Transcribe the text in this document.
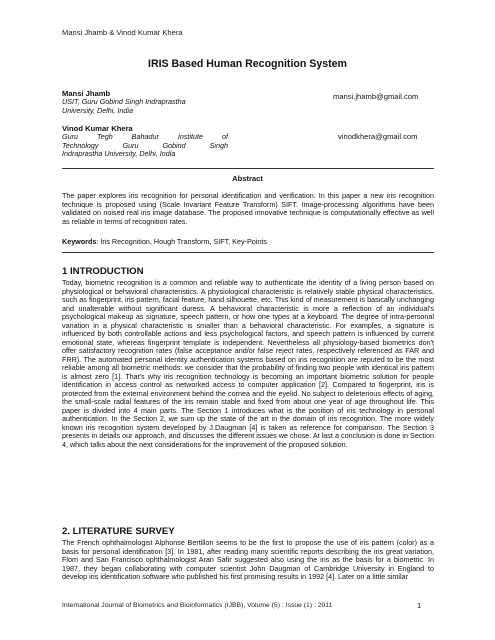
Mansi Jhamb & Vinod Kumar Khera
IRIS Based Human Recognition System
Mansi Jhamb
USIT, Guru Gobind Singh Indraprastha
University, Delhi, India
mansi.jhamb@gmail.com
Vinod Kumar Khera
Guru Tegh Bahadur Institute of
Technology Guru Gobind Singh
Indraprastha University, Delhi, India
vinodkhera@gmail.com
Abstract
The paper explores iris recognition for personal identification and verification. In this paper a new iris recognition technique is proposed using (Scale Invariant Feature Transform) SIFT. Image-processing algorithms have been validated on noised real iris image database. The proposed innovative technique is computationally effective as well as reliable in terms of recognition rates.
Keywords: Iris Recognition, Hough Transform, SIFT, Key-Points
1 INTRODUCTION
Today, biometric recognition is a common and reliable way to authenticate the identity of a living person based on physiological or behavioral characteristics. A physiological characteristic is relatively stable physical characteristics, such as fingerprint, iris pattern, facial feature, hand silhouette, etc. This kind of measurement is basically unchanging and unalterable without significant duress. A behavioral characteristic is more a reflection of an individual's psychological makeup as signature, speech pattern, or how one types at a keyboard. The degree of intra-personal variation in a physical characteristic is smaller than a behavioral characteristic. For examples, a signature is influenced by both controllable actions and less psychological factors, and speech pattern is influenced by current emotional state, whereas fingerprint template is independent. Nevertheless all physiology-based biometrics don't offer satisfactory recognition rates (false acceptance and/or false reject rates, respectively referenced as FAR and FRR). The automated personal identity authentication systems based on iris recognition are reputed to be the most reliable among all biometric methods: we consider that the probability of finding two people with identical iris pattern is almost zero [1]. That's why iris recognition technology is becoming an important biometric solution for people identification in access control as networked access to computer application [2]. Compared to fingerprint, iris is protected from the external environment behind the cornea and the eyelid. No subject to deleterious effects of aging, the small-scale radial features of the iris remain stable and fixed from about one year of age throughout life. This paper is divided into 4 main parts. The Section 1 introduces what is the position of iris technology in personal authentication. In the Section 2, we sum up the state of the art in the domain of iris recognition. The more widely known iris recognition system developed by J.Daugman [4] is taken as reference for comparison. The Section 3 presents in details our approach, and discusses the different issues we chose. At last a conclusion is done in Section 4, which talks about the next considerations for the improvement of the proposed solution.
2. LITERATURE SURVEY
The French ophthalmologist Alphonse Bertillon seems to be the first to propose the use of iris pattern (color) as a basis for personal identification [3]. In 1981, after reading many scientific reports describing the iris great variation, Flom and San Francisco ophthalmologist Aran Safir suggested also using the iris as the basis for a biometric. In 1987, they began collaborating with computer scientist John Daugman of Cambridge University in England to develop iris identification software who published his first promising results in 1992 [4]. Later on a little similar
International Journal of Biometrics and Bioinformatics (IJBB), Volume (5) : Issue (1) : 2011	1
